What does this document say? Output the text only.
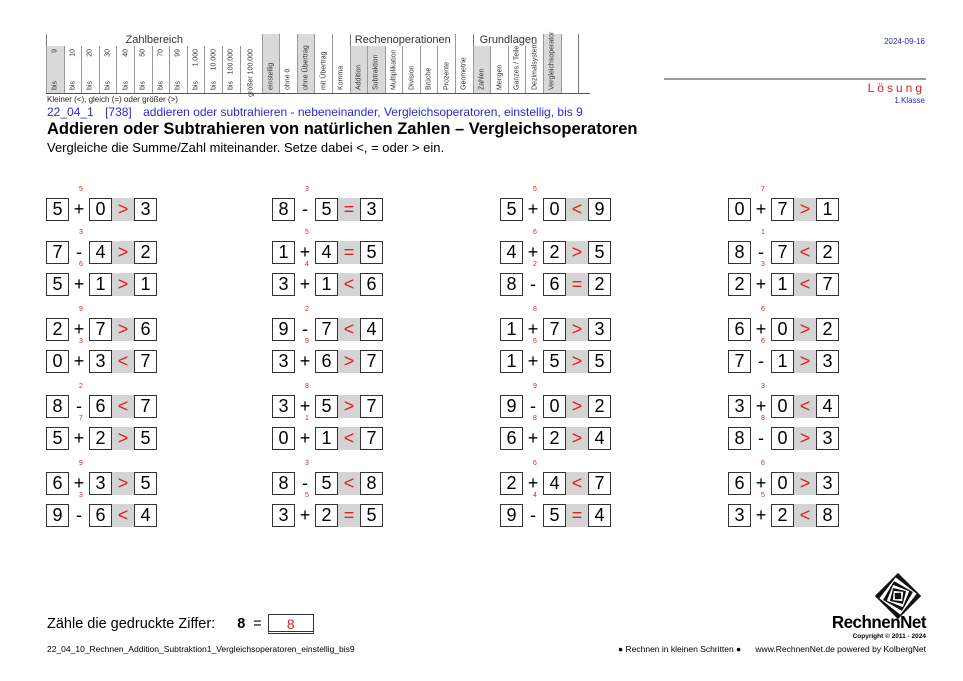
Zahlbereich
9
bis
10
bis
20
bis
30
bis
40
bis
50
bis
70
bis
99
bis
1.000
bis
10.000
bis
100.000
bis größer 100.000 einstellig ohne 0 ohne Übertrag mit Übertrag Komma
Rechenoperationen
Addition Subtraktion Multiplikation Division Brüche Prozente Geometrie
Grundlagen
Zahlen Mengen Ganzes / Teile Dezimalsystem Vergleichsoperator
Kleiner (<), gleich (=) oder größer (>)
2024-09-16
Lösung
1.Klasse
22_04_1 [738] addieren oder subtrahieren - nebeneinander, Vergleichsoperatoren, einstellig, bis 9
Addieren oder Subtrahieren von natürlichen Zahlen – Vergleichsoperatoren
Vergleiche die Summe/Zahl miteinander. Setze dabei <, = oder > ein.
5
5 + 0 > 3
3
7 - 4 > 2
6
5 + 1 > 1
9
2 + 7 > 6
3
0 + 3 < 7
2
8 - 6 < 7
7
5 + 2 > 5
9
6 + 3 > 5
3
9 - 6 < 4
3
8 - 5 = 3
5
1 + 4 = 5
4
3 + 1 < 6
2
9 - 7 < 4
9
3 + 6 > 7
8
3 + 5 > 7
1
0 + 1 < 7
3
8 - 5 < 8
5
3 + 2 = 5
5
5 + 0 < 9
6
4 + 2 > 5
2
8 - 6 = 2
8
1 + 7 > 3
6
1 + 5 > 5
9
9 - 0 > 2
8
6 + 2 > 4
6
2 + 4 < 7
4
9 - 5 = 4
7
0 + 7 > 1
1
8 - 7 < 2
3
2 + 1 < 7
6
6 + 0 > 2
6
7 - 1 > 3
3
3 + 0 < 4
8
8 - 0 > 3
6
6 + 0 > 3
5
3 + 2 < 8
Zähle die gedruckte Ziffer: 8 =	8
22_04_10_Rechnen_Addition_Subtraktion1_Vergleichsoperatoren_einstellig_bis9	● Rechnen in kleinen Schritten ● www.RechnenNet.de powered by KolbergNet
RechnenNet
Copyright © 2011 - 2024
